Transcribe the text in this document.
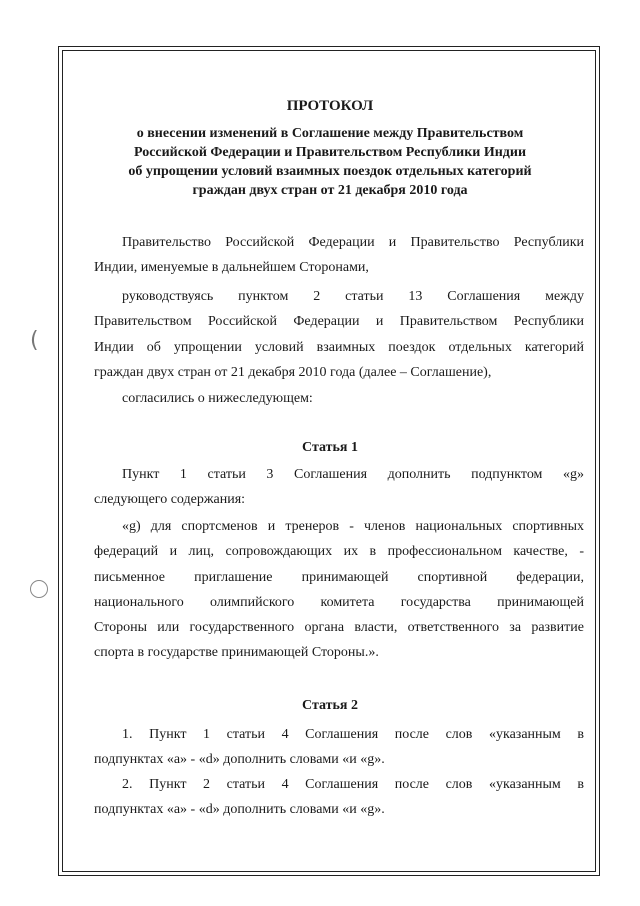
(
ПРОТОКОЛ
о внесении изменений в Соглашение между Правительством
Российской Федерации и Правительством Республики Индии
об упрощении условий взаимных поездок отдельных категорий
граждан двух стран от 21 декабря 2010 года
Правительство Российской Федерации и Правительство Республики
Индии, именуемые в дальнейшем Сторонами,
руководствуясь пунктом 2 статьи 13 Соглашения между
Правительством Российской Федерации и Правительством Республики
Индии об упрощении условий взаимных поездок отдельных категорий
граждан двух стран от 21 декабря 2010 года (далее – Соглашение),
согласились о нижеследующем:
Статья 1
Пункт 1 статьи 3 Соглашения дополнить подпунктом «g»
следующего содержания:
«g) для спортсменов и тренеров - членов национальных спортивных
федераций и лиц, сопровождающих их в профессиональном качестве, -
письменное приглашение принимающей спортивной федерации,
национального олимпийского комитета государства принимающей
Стороны или государственного органа власти, ответственного за развитие
спорта в государстве принимающей Стороны.».
Статья 2
1. Пункт 1 статьи 4 Соглашения после слов «указанным в
подпунктах «a» - «d» дополнить словами «и «g».
2. Пункт 2 статьи 4 Соглашения после слов «указанным в
подпунктах «a» - «d» дополнить словами «и «g».
